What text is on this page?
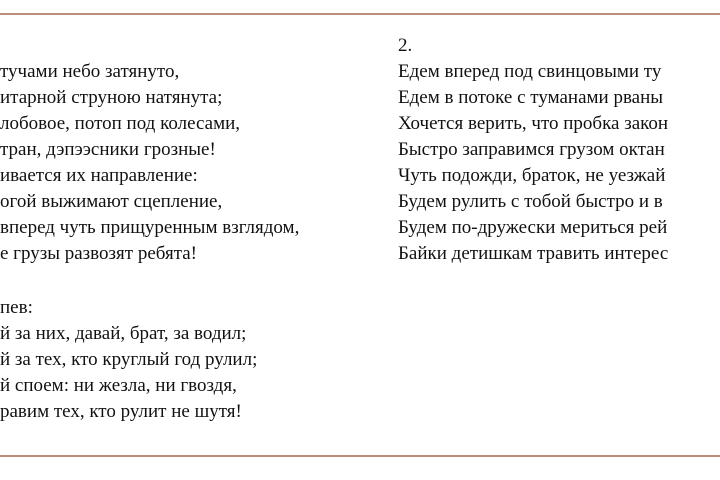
тучами небо затянуто,
итарной струною натянута;
лобовое, потоп под колесами,
тран, дэпээсники грозные!
ивается их направление:
огой выжимают сцепление,
вперед чуть прищуренным взглядом,
е грузы развозят ребята!
пев:
й за них, давай, брат, за водил;
й за тех, кто круглый год рулил;
й споем: ни жезла, ни гвоздя,
равим тех, кто рулит не шутя!
2.
Едем вперед под свинцовыми ту
Едем в потоке с туманами рваны
Хочется верить, что пробка закон
Быстро заправимся грузом октан
Чуть подожди, браток, не уезжай
Будем рулить с тобой быстро и в
Будем по-дружески мериться рей
Байки детишкам травить интерес
